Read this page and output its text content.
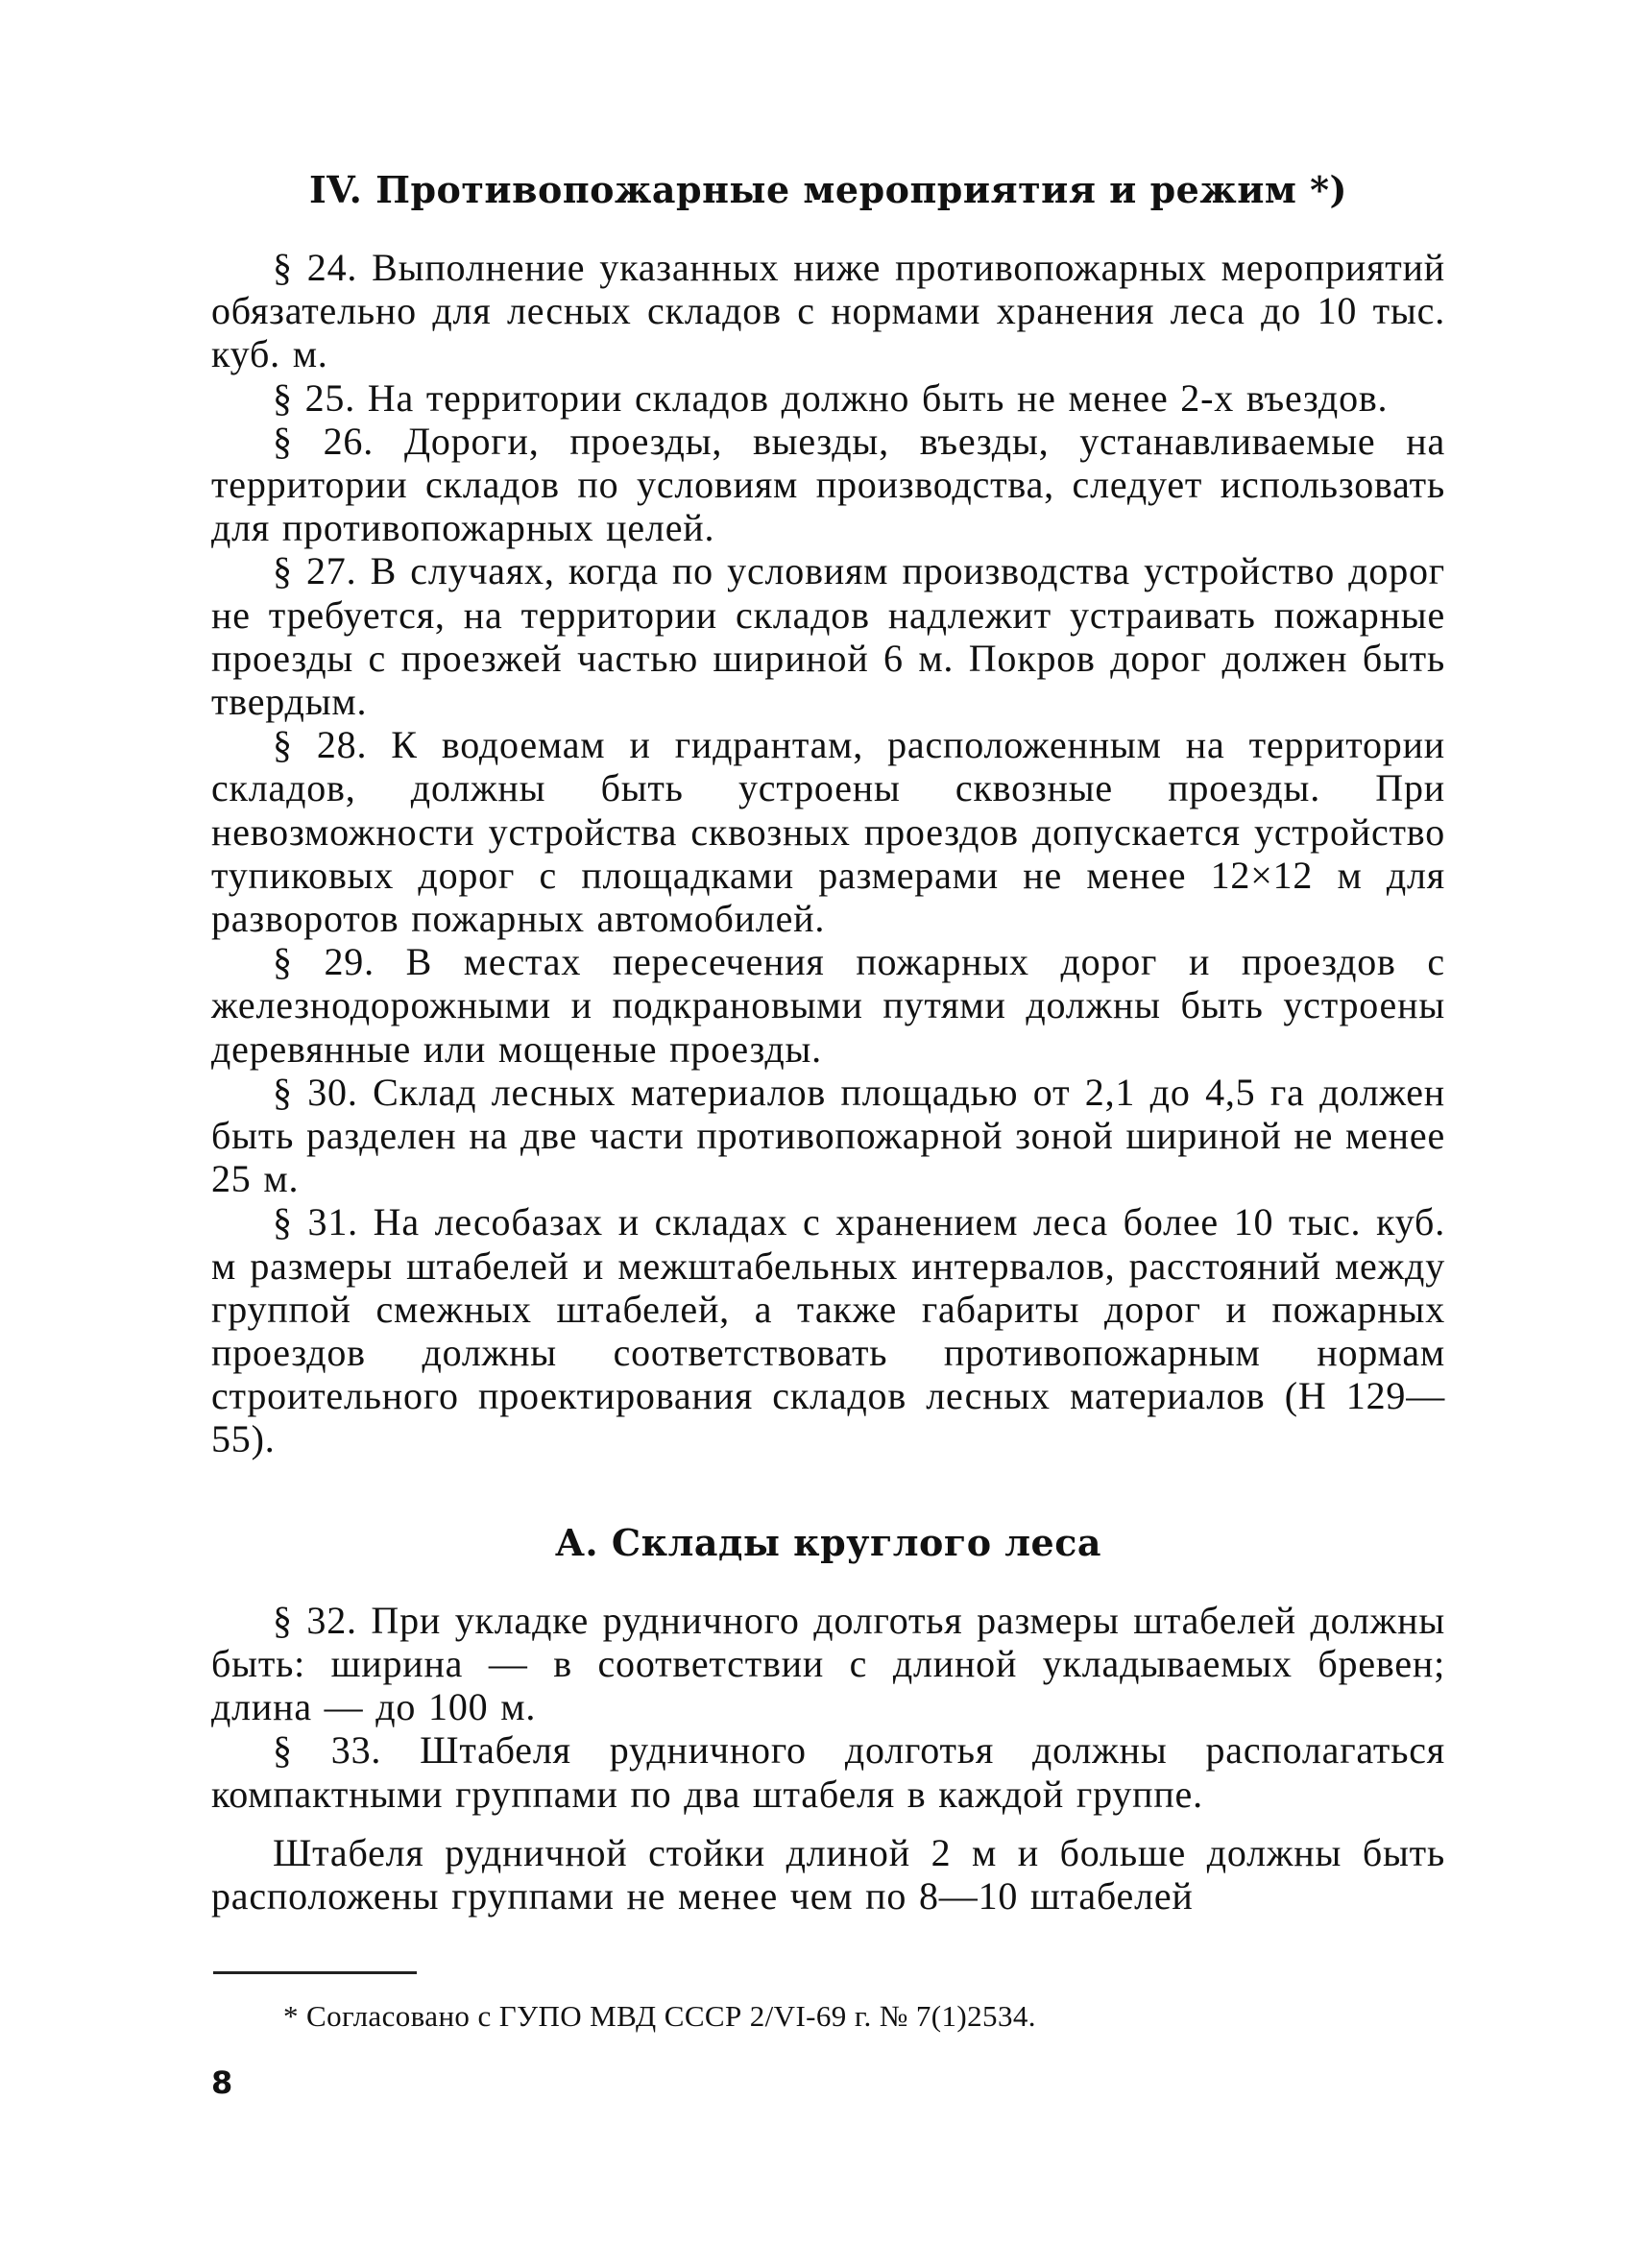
IV. Противопожарные мероприятия и режим *)

§ 24. Выполнение указанных ниже противопожарных мероприятий обязательно для лесных складов с нормами хранения леса до 10 тыс. куб. м.

§ 25. На территории складов должно быть не менее 2-х въездов.

§ 26. Дороги, проезды, выезды, въезды, устанавливаемые на территории складов по условиям производства, следует использовать для противопожарных целей.

§ 27. В случаях, когда по условиям производства устройство дорог не требуется, на территории складов надлежит устраивать пожарные проезды с проезжей частью шириной 6 м. Покров дорог должен быть твердым.

§ 28. К водоемам и гидрантам, расположенным на территории складов, должны быть устроены сквозные проезды. При невозможности устройства сквозных проездов допускается устройство тупиковых дорог с площадками размерами не менее 12×12 м для разворотов пожарных автомобилей.

§ 29. В местах пересечения пожарных дорог и проездов с железнодорожными и подкрановыми путями должны быть устроены деревянные или мощеные проезды.

§ 30. Склад лесных материалов площадью от 2,1 до 4,5 га должен быть разделен на две части противопожарной зоной шириной не менее 25 м.

§ 31. На лесобазах и складах с хранением леса более 10 тыс. куб. м размеры штабелей и межштабельных интервалов, расстояний между группой смежных штабелей, а также габариты дорог и пожарных проездов должны соответствовать противопожарным нормам строительного проектирования складов лесных материалов (Н 129—55).

А. Склады круглого леса

§ 32. При укладке рудничного долготья размеры штабелей должны быть: ширина — в соответствии с длиной укладываемых бревен; длина — до 100 м.

§ 33. Штабеля рудничного долготья должны располагаться компактными группами по два штабеля в каждой группе.

Штабеля рудничной стойки длиной 2 м и больше должны быть расположены группами не менее чем по 8—10 штабелей

* Согласовано с ГУПО МВД СССР 2/VI-69 г. № 7(1)2534.

8
